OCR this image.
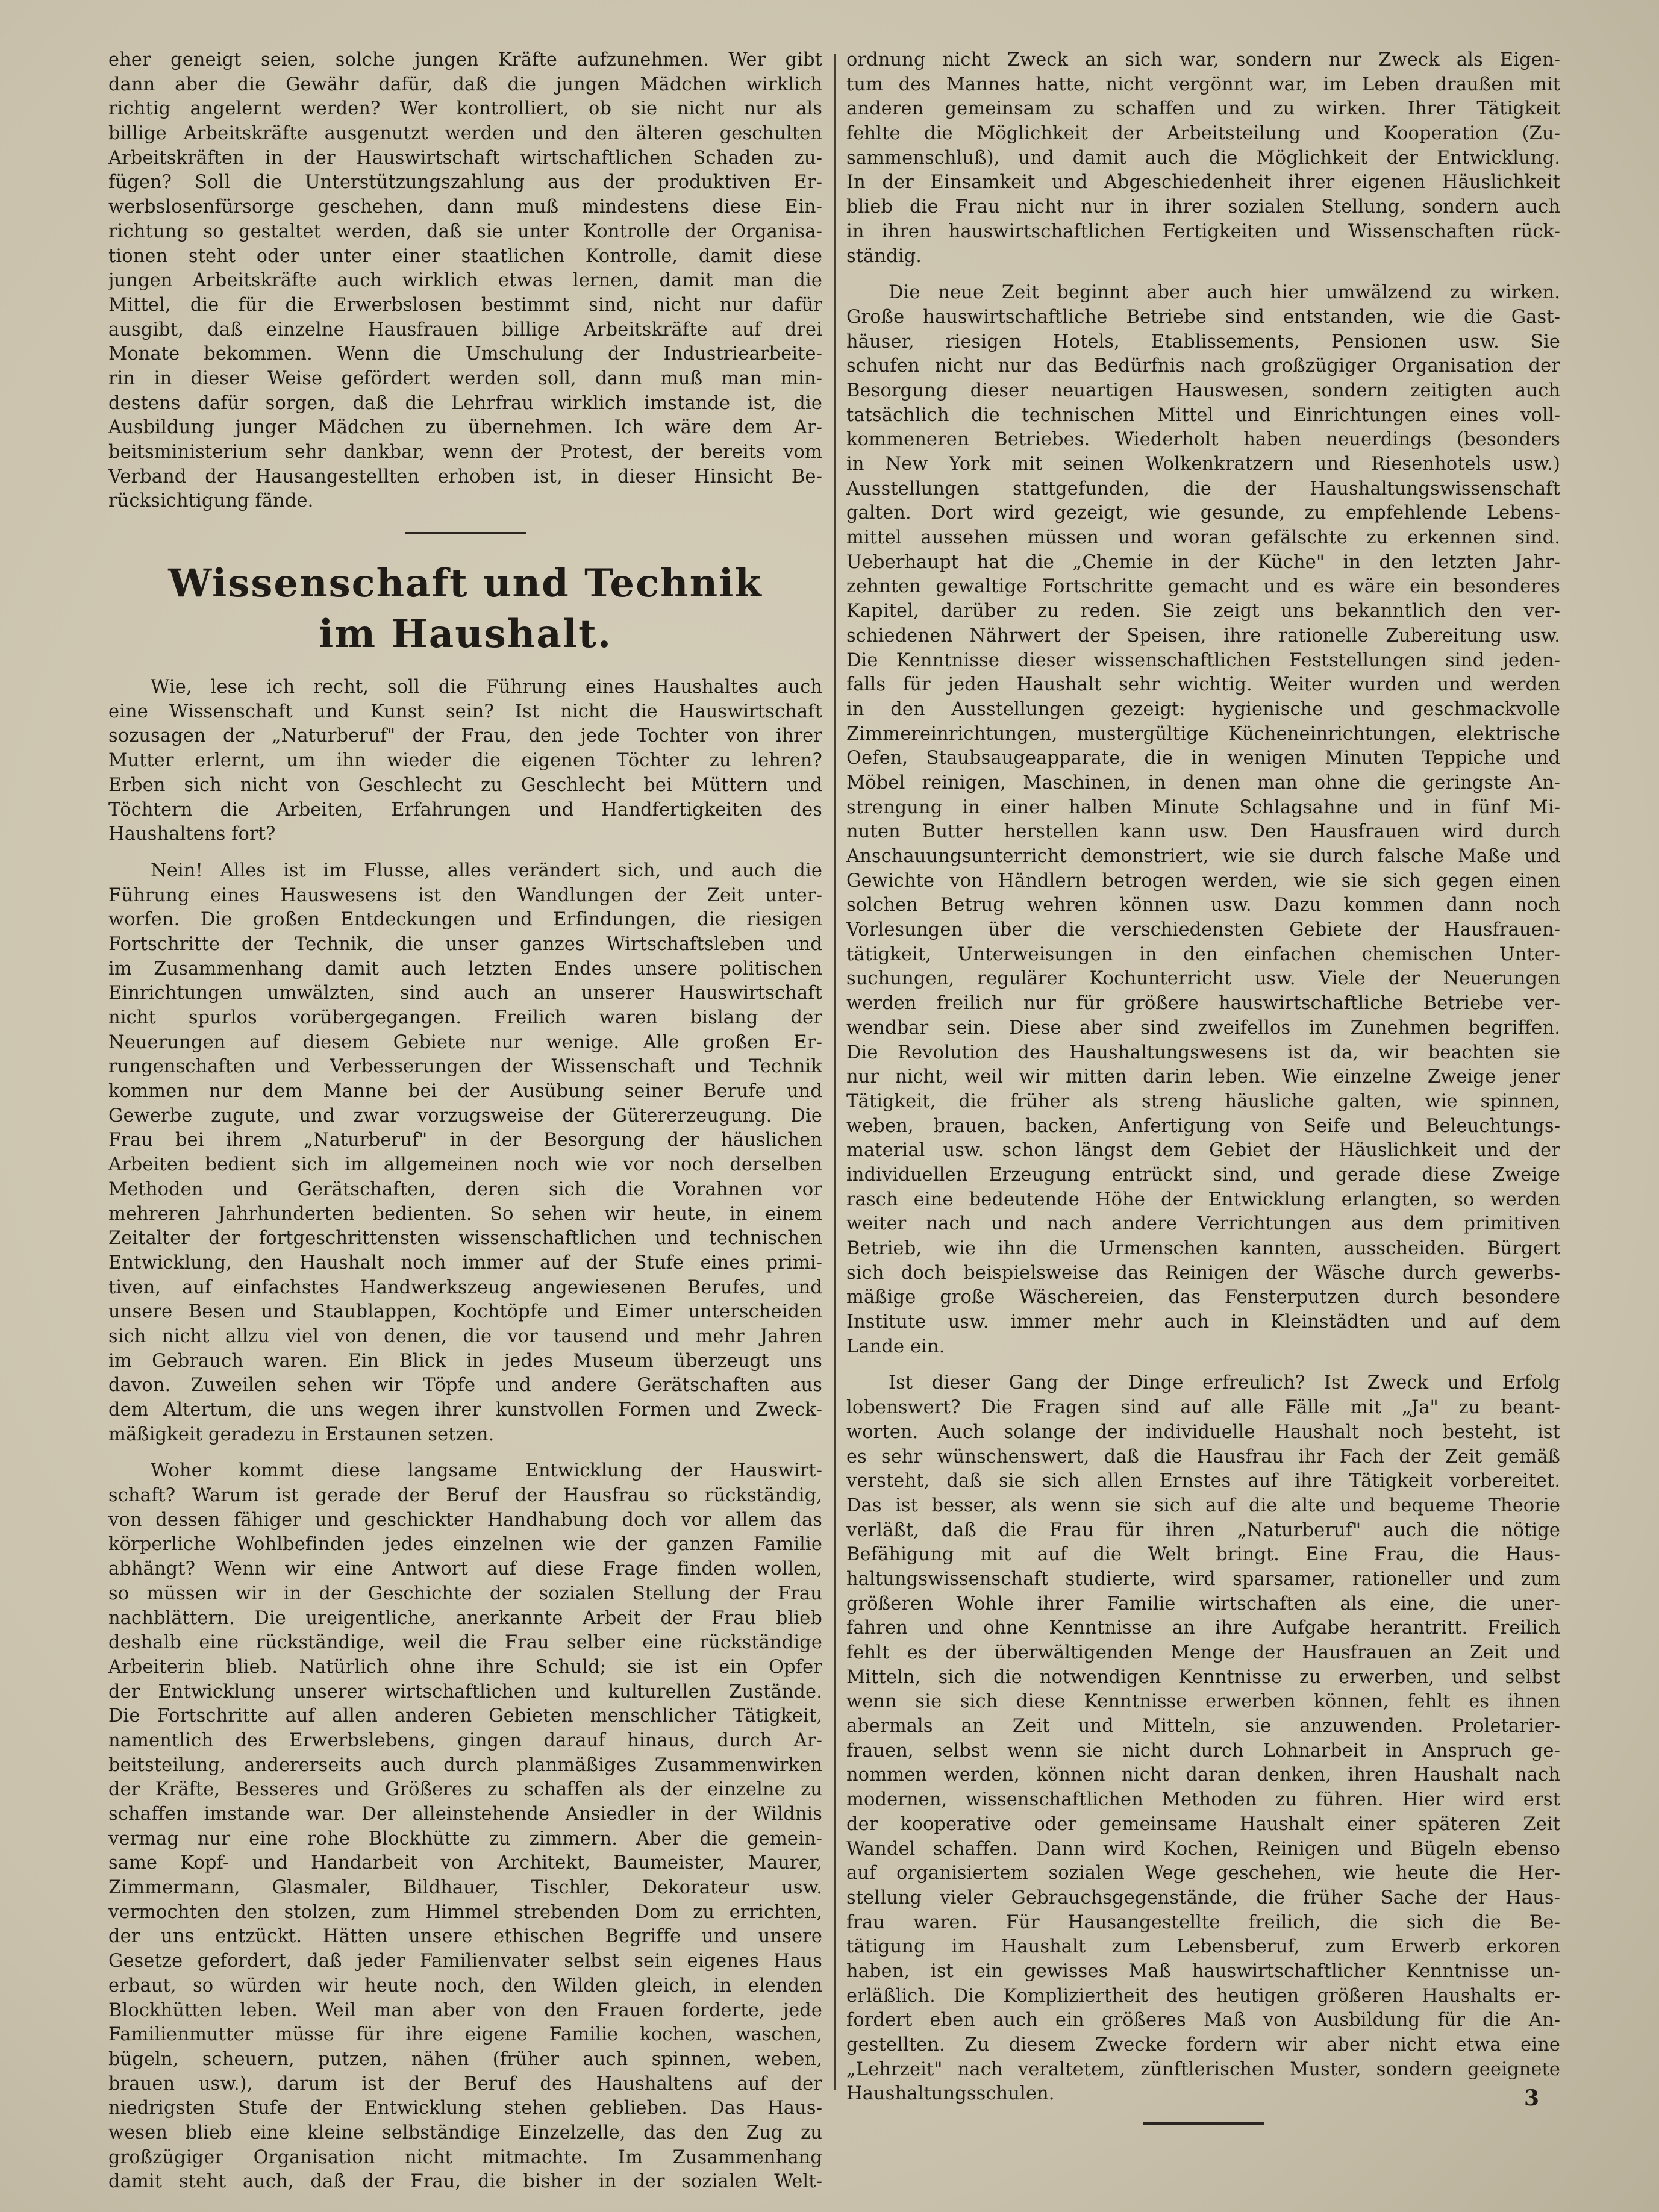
eher geneigt seien, solche jungen Kräfte aufzunehmen. Wer gibt
dann aber die Gewähr dafür, daß die jungen Mädchen wirklich
richtig angelernt werden? Wer kontrolliert, ob sie nicht nur als
billige Arbeitskräfte ausgenutzt werden und den älteren geschulten
Arbeitskräften in der Hauswirtschaft wirtschaftlichen Schaden zu-
fügen? Soll die Unterstützungszahlung aus der produktiven Er-
werbslosenfürsorge geschehen, dann muß mindestens diese Ein-
richtung so gestaltet werden, daß sie unter Kontrolle der Organisa-
tionen steht oder unter einer staatlichen Kontrolle, damit diese
jungen Arbeitskräfte auch wirklich etwas lernen, damit man die
Mittel, die für die Erwerbslosen bestimmt sind, nicht nur dafür
ausgibt, daß einzelne Hausfrauen billige Arbeitskräfte auf drei
Monate bekommen. Wenn die Umschulung der Industriearbeite-
rin in dieser Weise gefördert werden soll, dann muß man min-
destens dafür sorgen, daß die Lehrfrau wirklich imstande ist, die
Ausbildung junger Mädchen zu übernehmen. Ich wäre dem Ar-
beitsministerium sehr dankbar, wenn der Protest, der bereits vom
Verband der Hausangestellten erhoben ist, in dieser Hinsicht Be-
rücksichtigung fände.
Wissenschaft und Technik
im Haushalt.
Wie, lese ich recht, soll die Führung eines Haushaltes auch
eine Wissenschaft und Kunst sein? Ist nicht die Hauswirtschaft
sozusagen der „Naturberuf" der Frau, den jede Tochter von ihrer
Mutter erlernt, um ihn wieder die eigenen Töchter zu lehren?
Erben sich nicht von Geschlecht zu Geschlecht bei Müttern und
Töchtern die Arbeiten, Erfahrungen und Handfertigkeiten des
Haushaltens fort?
Nein! Alles ist im Flusse, alles verändert sich, und auch die
Führung eines Hauswesens ist den Wandlungen der Zeit unter-
worfen. Die großen Entdeckungen und Erfindungen, die riesigen
Fortschritte der Technik, die unser ganzes Wirtschaftsleben und
im Zusammenhang damit auch letzten Endes unsere politischen
Einrichtungen umwälzten, sind auch an unserer Hauswirtschaft
nicht spurlos vorübergegangen. Freilich waren bislang der
Neuerungen auf diesem Gebiete nur wenige. Alle großen Er-
rungenschaften und Verbesserungen der Wissenschaft und Technik
kommen nur dem Manne bei der Ausübung seiner Berufe und
Gewerbe zugute, und zwar vorzugsweise der Gütererzeugung. Die
Frau bei ihrem „Naturberuf" in der Besorgung der häuslichen
Arbeiten bedient sich im allgemeinen noch wie vor noch derselben
Methoden und Gerätschaften, deren sich die Vorahnen vor
mehreren Jahrhunderten bedienten. So sehen wir heute, in einem
Zeitalter der fortgeschrittensten wissenschaftlichen und technischen
Entwicklung, den Haushalt noch immer auf der Stufe eines primi-
tiven, auf einfachstes Handwerkszeug angewiesenen Berufes, und
unsere Besen und Staublappen, Kochtöpfe und Eimer unterscheiden
sich nicht allzu viel von denen, die vor tausend und mehr Jahren
im Gebrauch waren. Ein Blick in jedes Museum überzeugt uns
davon. Zuweilen sehen wir Töpfe und andere Gerätschaften aus
dem Altertum, die uns wegen ihrer kunstvollen Formen und Zweck-
mäßigkeit geradezu in Erstaunen setzen.
Woher kommt diese langsame Entwicklung der Hauswirt-
schaft? Warum ist gerade der Beruf der Hausfrau so rückständig,
von dessen fähiger und geschickter Handhabung doch vor allem das
körperliche Wohlbefinden jedes einzelnen wie der ganzen Familie
abhängt? Wenn wir eine Antwort auf diese Frage finden wollen,
so müssen wir in der Geschichte der sozialen Stellung der Frau
nachblättern. Die ureigentliche, anerkannte Arbeit der Frau blieb
deshalb eine rückständige, weil die Frau selber eine rückständige
Arbeiterin blieb. Natürlich ohne ihre Schuld; sie ist ein Opfer
der Entwicklung unserer wirtschaftlichen und kulturellen Zustände.
Die Fortschritte auf allen anderen Gebieten menschlicher Tätigkeit,
namentlich des Erwerbslebens, gingen darauf hinaus, durch Ar-
beitsteilung, andererseits auch durch planmäßiges Zusammenwirken
der Kräfte, Besseres und Größeres zu schaffen als der einzelne zu
schaffen imstande war. Der alleinstehende Ansiedler in der Wildnis
vermag nur eine rohe Blockhütte zu zimmern. Aber die gemein-
same Kopf- und Handarbeit von Architekt, Baumeister, Maurer,
Zimmermann, Glasmaler, Bildhauer, Tischler, Dekorateur usw.
vermochten den stolzen, zum Himmel strebenden Dom zu errichten,
der uns entzückt. Hätten unsere ethischen Begriffe und unsere
Gesetze gefordert, daß jeder Familienvater selbst sein eigenes Haus
erbaut, so würden wir heute noch, den Wilden gleich, in elenden
Blockhütten leben. Weil man aber von den Frauen forderte, jede
Familienmutter müsse für ihre eigene Familie kochen, waschen,
bügeln, scheuern, putzen, nähen (früher auch spinnen, weben,
brauen usw.), darum ist der Beruf des Haushaltens auf der
niedrigsten Stufe der Entwicklung stehen geblieben. Das Haus-
wesen blieb eine kleine selbständige Einzelzelle, das den Zug zu
großzügiger Organisation nicht mitmachte. Im Zusammenhang
damit steht auch, daß der Frau, die bisher in der sozialen Welt-
ordnung nicht Zweck an sich war, sondern nur Zweck als Eigen-
tum des Mannes hatte, nicht vergönnt war, im Leben draußen mit
anderen gemeinsam zu schaffen und zu wirken. Ihrer Tätigkeit
fehlte die Möglichkeit der Arbeitsteilung und Kooperation (Zu-
sammenschluß), und damit auch die Möglichkeit der Entwicklung.
In der Einsamkeit und Abgeschiedenheit ihrer eigenen Häuslichkeit
blieb die Frau nicht nur in ihrer sozialen Stellung, sondern auch
in ihren hauswirtschaftlichen Fertigkeiten und Wissenschaften rück-
ständig.
Die neue Zeit beginnt aber auch hier umwälzend zu wirken.
Große hauswirtschaftliche Betriebe sind entstanden, wie die Gast-
häuser, riesigen Hotels, Etablissements, Pensionen usw. Sie
schufen nicht nur das Bedürfnis nach großzügiger Organisation der
Besorgung dieser neuartigen Hauswesen, sondern zeitigten auch
tatsächlich die technischen Mittel und Einrichtungen eines voll-
kommeneren Betriebes. Wiederholt haben neuerdings (besonders
in New York mit seinen Wolkenkratzern und Riesenhotels usw.)
Ausstellungen stattgefunden, die der Haushaltungswissenschaft
galten. Dort wird gezeigt, wie gesunde, zu empfehlende Lebens-
mittel aussehen müssen und woran gefälschte zu erkennen sind.
Ueberhaupt hat die „Chemie in der Küche" in den letzten Jahr-
zehnten gewaltige Fortschritte gemacht und es wäre ein besonderes
Kapitel, darüber zu reden. Sie zeigt uns bekanntlich den ver-
schiedenen Nährwert der Speisen, ihre rationelle Zubereitung usw.
Die Kenntnisse dieser wissenschaftlichen Feststellungen sind jeden-
falls für jeden Haushalt sehr wichtig. Weiter wurden und werden
in den Ausstellungen gezeigt: hygienische und geschmackvolle
Zimmereinrichtungen, mustergültige Kücheneinrichtungen, elektrische
Oefen, Staubsaugeapparate, die in wenigen Minuten Teppiche und
Möbel reinigen, Maschinen, in denen man ohne die geringste An-
strengung in einer halben Minute Schlagsahne und in fünf Mi-
nuten Butter herstellen kann usw. Den Hausfrauen wird durch
Anschauungsunterricht demonstriert, wie sie durch falsche Maße und
Gewichte von Händlern betrogen werden, wie sie sich gegen einen
solchen Betrug wehren können usw. Dazu kommen dann noch
Vorlesungen über die verschiedensten Gebiete der Hausfrauen-
tätigkeit, Unterweisungen in den einfachen chemischen Unter-
suchungen, regulärer Kochunterricht usw. Viele der Neuerungen
werden freilich nur für größere hauswirtschaftliche Betriebe ver-
wendbar sein. Diese aber sind zweifellos im Zunehmen begriffen.
Die Revolution des Haushaltungswesens ist da, wir beachten sie
nur nicht, weil wir mitten darin leben. Wie einzelne Zweige jener
Tätigkeit, die früher als streng häusliche galten, wie spinnen,
weben, brauen, backen, Anfertigung von Seife und Beleuchtungs-
material usw. schon längst dem Gebiet der Häuslichkeit und der
individuellen Erzeugung entrückt sind, und gerade diese Zweige
rasch eine bedeutende Höhe der Entwicklung erlangten, so werden
weiter nach und nach andere Verrichtungen aus dem primitiven
Betrieb, wie ihn die Urmenschen kannten, ausscheiden. Bürgert
sich doch beispielsweise das Reinigen der Wäsche durch gewerbs-
mäßige große Wäschereien, das Fensterputzen durch besondere
Institute usw. immer mehr auch in Kleinstädten und auf dem
Lande ein.
Ist dieser Gang der Dinge erfreulich? Ist Zweck und Erfolg
lobenswert? Die Fragen sind auf alle Fälle mit „Ja" zu beant-
worten. Auch solange der individuelle Haushalt noch besteht, ist
es sehr wünschenswert, daß die Hausfrau ihr Fach der Zeit gemäß
versteht, daß sie sich allen Ernstes auf ihre Tätigkeit vorbereitet.
Das ist besser, als wenn sie sich auf die alte und bequeme Theorie
verläßt, daß die Frau für ihren „Naturberuf" auch die nötige
Befähigung mit auf die Welt bringt. Eine Frau, die Haus-
haltungswissenschaft studierte, wird sparsamer, rationeller und zum
größeren Wohle ihrer Familie wirtschaften als eine, die uner-
fahren und ohne Kenntnisse an ihre Aufgabe herantritt. Freilich
fehlt es der überwältigenden Menge der Hausfrauen an Zeit und
Mitteln, sich die notwendigen Kenntnisse zu erwerben, und selbst
wenn sie sich diese Kenntnisse erwerben können, fehlt es ihnen
abermals an Zeit und Mitteln, sie anzuwenden. Proletarier-
frauen, selbst wenn sie nicht durch Lohnarbeit in Anspruch ge-
nommen werden, können nicht daran denken, ihren Haushalt nach
modernen, wissenschaftlichen Methoden zu führen. Hier wird erst
der kooperative oder gemeinsame Haushalt einer späteren Zeit
Wandel schaffen. Dann wird Kochen, Reinigen und Bügeln ebenso
auf organisiertem sozialen Wege geschehen, wie heute die Her-
stellung vieler Gebrauchsgegenstände, die früher Sache der Haus-
frau waren. Für Hausangestellte freilich, die sich die Be-
tätigung im Haushalt zum Lebensberuf, zum Erwerb erkoren
haben, ist ein gewisses Maß hauswirtschaftlicher Kenntnisse un-
erläßlich. Die Kompliziertheit des heutigen größeren Haushalts er-
fordert eben auch ein größeres Maß von Ausbildung für die An-
gestellten. Zu diesem Zwecke fordern wir aber nicht etwa eine
„Lehrzeit" nach veraltetem, zünftlerischen Muster, sondern geeignete
Haushaltungsschulen.	3
